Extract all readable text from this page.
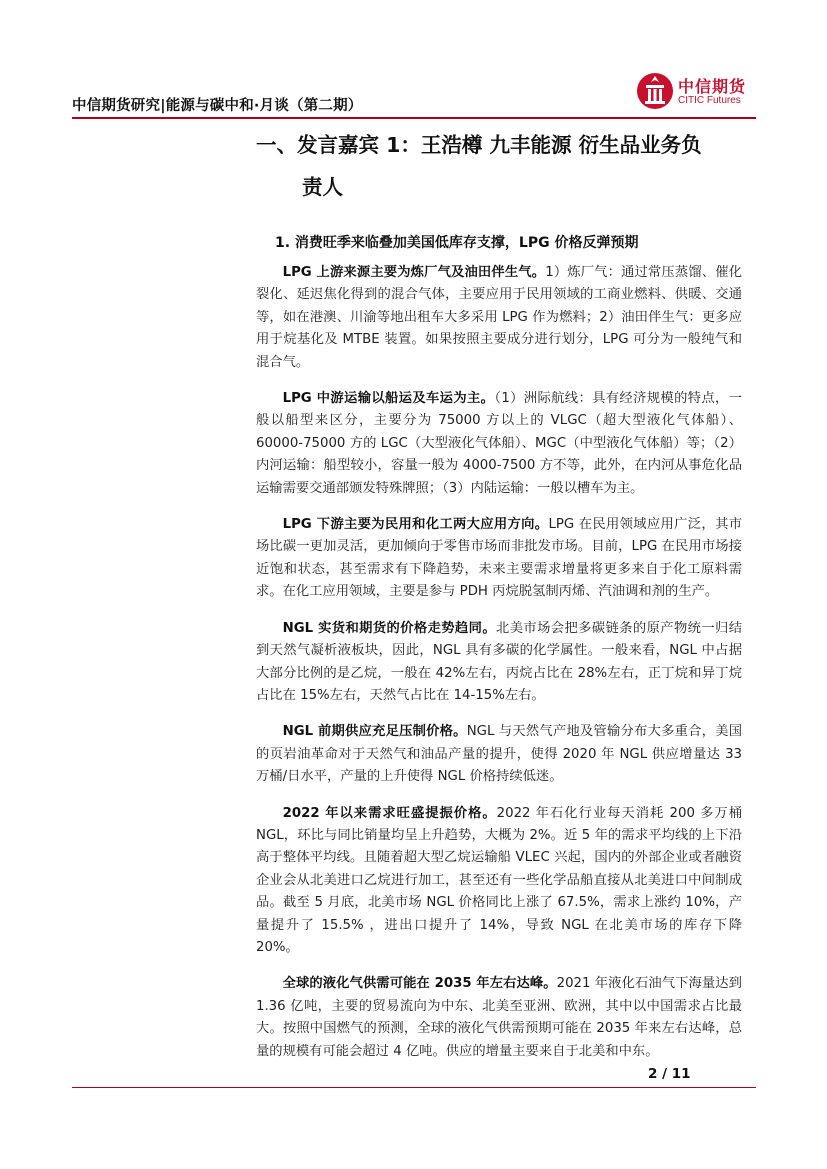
中信期货研究|能源与碳中和·月谈（第二期）
中信期货
CITIC Futures
一、发言嘉宾 1：王浩樽 九丰能源 衍生品业务负
责人
1. 消费旺季来临叠加美国低库存支撑，LPG 价格反弹预期

LPG 上游来源主要为炼厂气及油田伴生气。1）炼厂气：通过常压蒸馏、催化裂化、延迟焦化得到的混合气体，主要应用于民用领域的工商业燃料、供暖、交通等，如在港澳、川渝等地出租车大多采用 LPG 作为燃料；2）油田伴生气：更多应用于烷基化及 MTBE 装置。如果按照主要成分进行划分，LPG 可分为一般纯气和混合气。

LPG 中游运输以船运及车运为主。（1）洲际航线：具有经济规模的特点，一般以船型来区分，主要分为 75000 方以上的 VLGC（超大型液化气体船）、60000-75000 方的 LGC（大型液化气体船）、MGC（中型液化气体船）等；（2）内河运输：船型较小，容量一般为 4000-7500 方不等，此外，在内河从事危化品运输需要交通部颁发特殊牌照；（3）内陆运输：一般以槽车为主。

LPG 下游主要为民用和化工两大应用方向。LPG 在民用领域应用广泛，其市场比碳一更加灵活，更加倾向于零售市场而非批发市场。目前，LPG 在民用市场接近饱和状态，甚至需求有下降趋势，未来主要需求增量将更多来自于化工原料需求。在化工应用领域，主要是参与 PDH 丙烷脱氢制丙烯、汽油调和剂的生产。

NGL 实货和期货的价格走势趋同。北美市场会把多碳链条的原产物统一归结到天然气凝析液板块，因此，NGL 具有多碳的化学属性。一般来看，NGL 中占据大部分比例的是乙烷，一般在 42%左右，丙烷占比在 28%左右，正丁烷和异丁烷占比在 15%左右，天然气占比在 14-15%左右。

NGL 前期供应充足压制价格。NGL 与天然气产地及管输分布大多重合，美国的页岩油革命对于天然气和油品产量的提升，使得 2020 年 NGL 供应增量达 33 万桶/日水平，产量的上升使得 NGL 价格持续低迷。

2022 年以来需求旺盛提振价格。2022 年石化行业每天消耗 200 多万桶 NGL，环比与同比销量均呈上升趋势，大概为 2%。近 5 年的需求平均线的上下沿高于整体平均线。且随着超大型乙烷运输船 VLEC 兴起，国内的外部企业或者融资企业会从北美进口乙烷进行加工，甚至还有一些化学品船直接从北美进口中间制成品。截至 5 月底，北美市场 NGL 价格同比上涨了 67.5%，需求上涨约 10%，产量提升了 15.5% ，进出口提升了 14%，导致 NGL 在北美市场的库存下降 20%。

全球的液化气供需可能在 2035 年左右达峰。2021 年液化石油气下海量达到 1.36 亿吨，主要的贸易流向为中东、北美至亚洲、欧洲，其中以中国需求占比最大。按照中国燃气的预测，全球的液化气供需预期可能在 2035 年来左右达峰，总量的规模有可能会超过 4 亿吨。供应的增量主要来自于北美和中东。

2 / 11
